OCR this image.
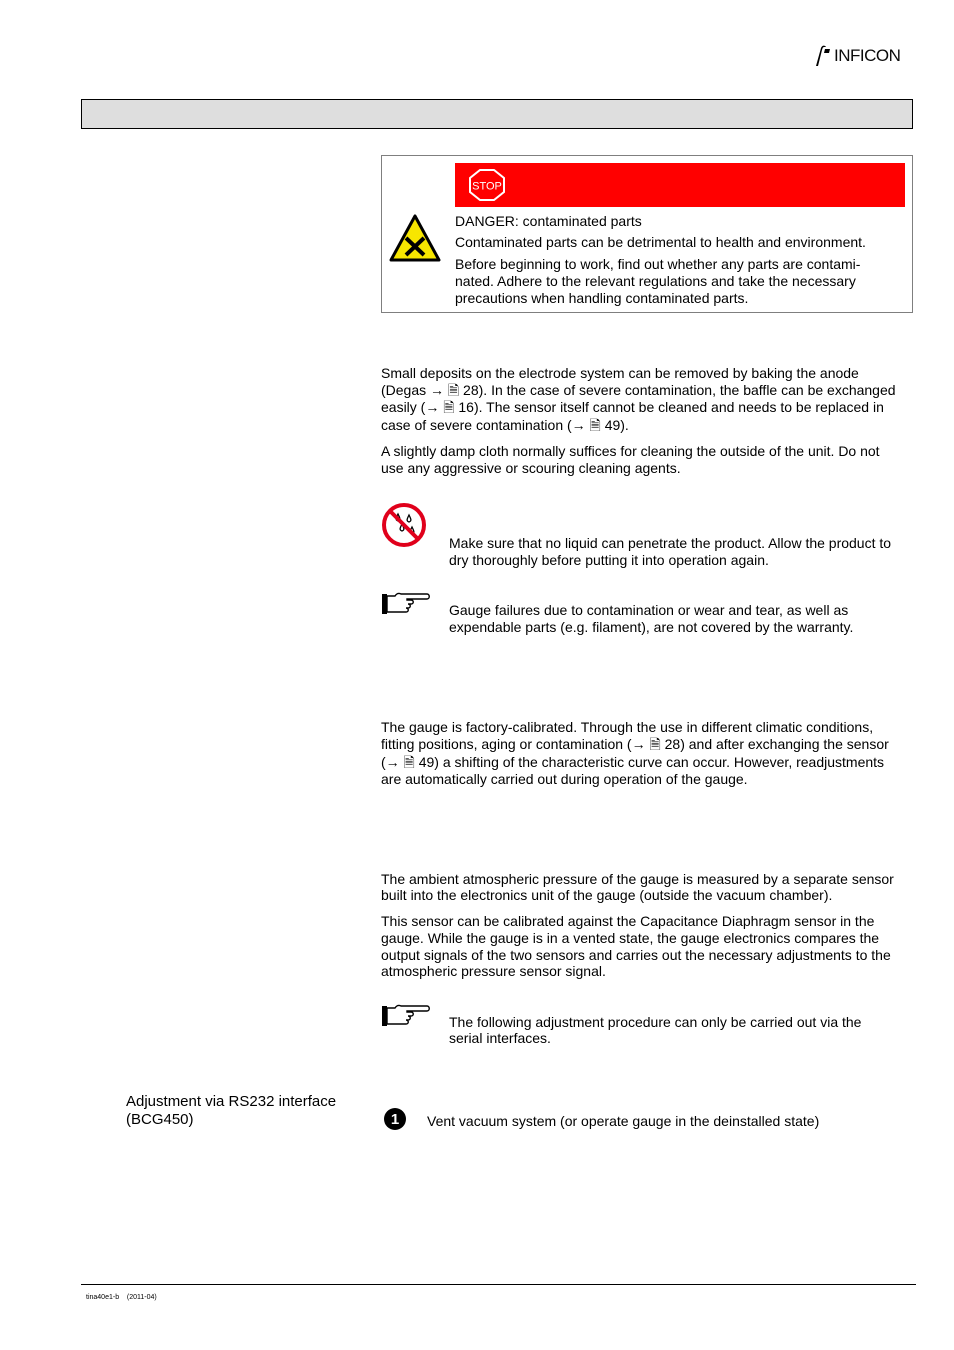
INFICON
STOP

DANGER: contaminated parts

Contaminated parts can be detrimental to health and environment.

Before beginning to work, find out whether any parts are contami-

nated. Adhere to the relevant regulations and take the necessary

precautions when handling contaminated parts.

Small deposits on the electrode system can be removed by baking the anode

(Degas → 🗎 28). In the case of severe contamination, the baffle can be exchanged

easily (→ 🗎 16). The sensor itself cannot be cleaned and needs to be replaced in

case of severe contamination (→ 🗎 49).

A slightly damp cloth normally suffices for cleaning the outside of the unit. Do not

use any aggressive or scouring cleaning agents.

Make sure that no liquid can penetrate the product. Allow the product to

dry thoroughly before putting it into operation again.

Gauge failures due to contamination or wear and tear, as well as

expendable parts (e.g. filament), are not covered by the warranty.

The gauge is factory-calibrated. Through the use in different climatic conditions,

fitting positions, aging or contamination (→ 🗎 28) and after exchanging the sensor

(→ 🗎 49) a shifting of the characteristic curve can occur. However, readjustments

are automatically carried out during operation of the gauge.

The ambient atmospheric pressure of the gauge is measured by a separate sensor

built into the electronics unit of the gauge (outside the vacuum chamber).

This sensor can be calibrated against the Capacitance Diaphragm sensor in the

gauge. While the gauge is in a vented state, the gauge electronics compares the

output signals of the two sensors and carries out the necessary adjustments to the

atmospheric pressure sensor signal.

The following adjustment procedure can only be carried out via the

serial interfaces.

Adjustment via RS232 interface
(BCG450)	1	Vent vacuum system (or operate gauge in the deinstalled state)

tina40e1-b (2011-04)
